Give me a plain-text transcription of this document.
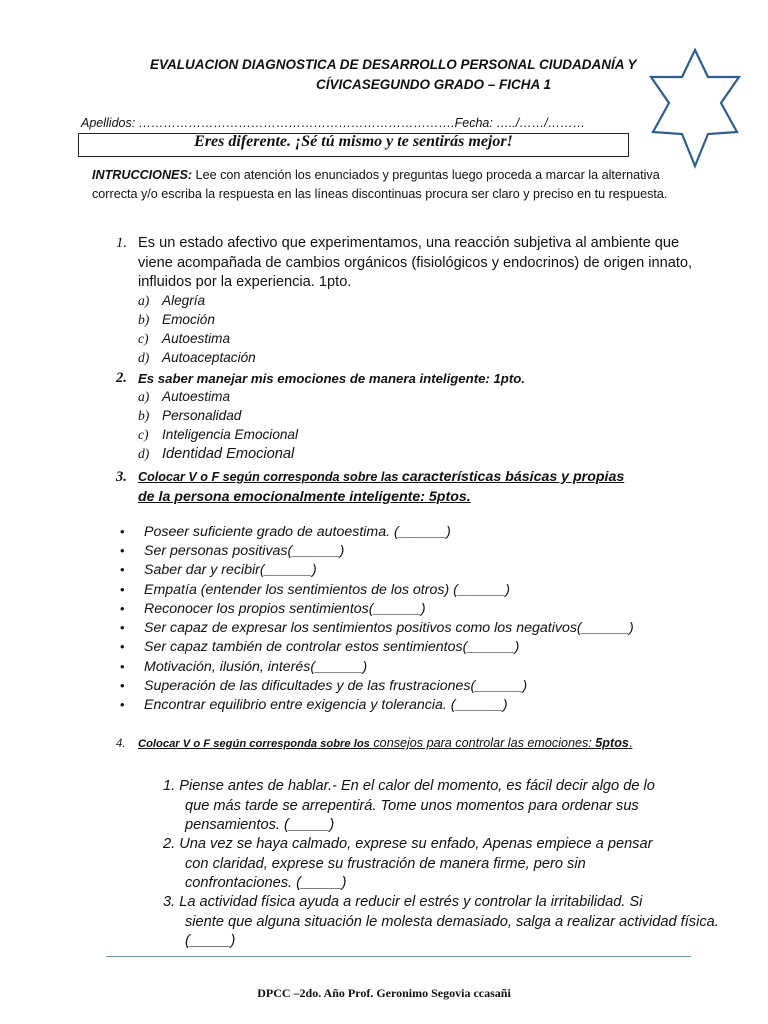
EVALUACION DIAGNOSTICA DE DESARROLLO PERSONAL CIUDADANÍA Y
CÍVICASEGUNDO GRADO – FICHA 1
Apellidos: ………………………………………………………………….Fecha: …../……/………
Eres diferente. ¡Sé tú mismo y te sentirás mejor!
INTRUCCIONES: Lee con atención los enunciados y preguntas luego proceda a marcar la alternativa correcta y/o escriba la respuesta en las líneas discontinuas procura ser claro y preciso en tu respuesta.
1. Es un estado afectivo que experimentamos, una reacción subjetiva al ambiente que viene acompañada de cambios orgánicos (fisiológicos y endocrinos) de origen innato, influidos por la experiencia. 1pto.
a) Alegría
b) Emoción
c) Autoestima
d) Autoaceptación
2. Es saber manejar mis emociones de manera inteligente: 1pto.
a) Autoestima
b) Personalidad
c) Inteligencia Emocional
d) Identidad Emocional
3. Colocar V o F según corresponda sobre las características básicas y propias
de la persona emocionalmente inteligente: 5ptos.
• Poseer suficiente grado de autoestima. (______)
• Ser personas positivas(______)
• Saber dar y recibir(______)
• Empatía (entender los sentimientos de los otros) (______)
• Reconocer los propios sentimientos(______)
• Ser capaz de expresar los sentimientos positivos como los negativos(______)
• Ser capaz también de controlar estos sentimientos(______)
• Motivación, ilusión, interés(______)
• Superación de las dificultades y de las frustraciones(______)
• Encontrar equilibrio entre exigencia y tolerancia. (______)
4. Colocar V o F según corresponda sobre los consejos para controlar las emociones: 5ptos.
1. Piense antes de hablar.- En el calor del momento, es fácil decir algo de lo
que más tarde se arrepentirá. Tome unos momentos para ordenar sus pensamientos. (_____)
2. Una vez se haya calmado, exprese su enfado, Apenas empiece a pensar
con claridad, exprese su frustración de manera firme, pero sin confrontaciones. (_____)
3. La actividad física ayuda a reducir el estrés y controlar la irritabilidad. Si
siente que alguna situación le molesta demasiado, salga a realizar actividad física.(_____)
DPCC –2do. Año Prof. Geronimo Segovia ccasañi
